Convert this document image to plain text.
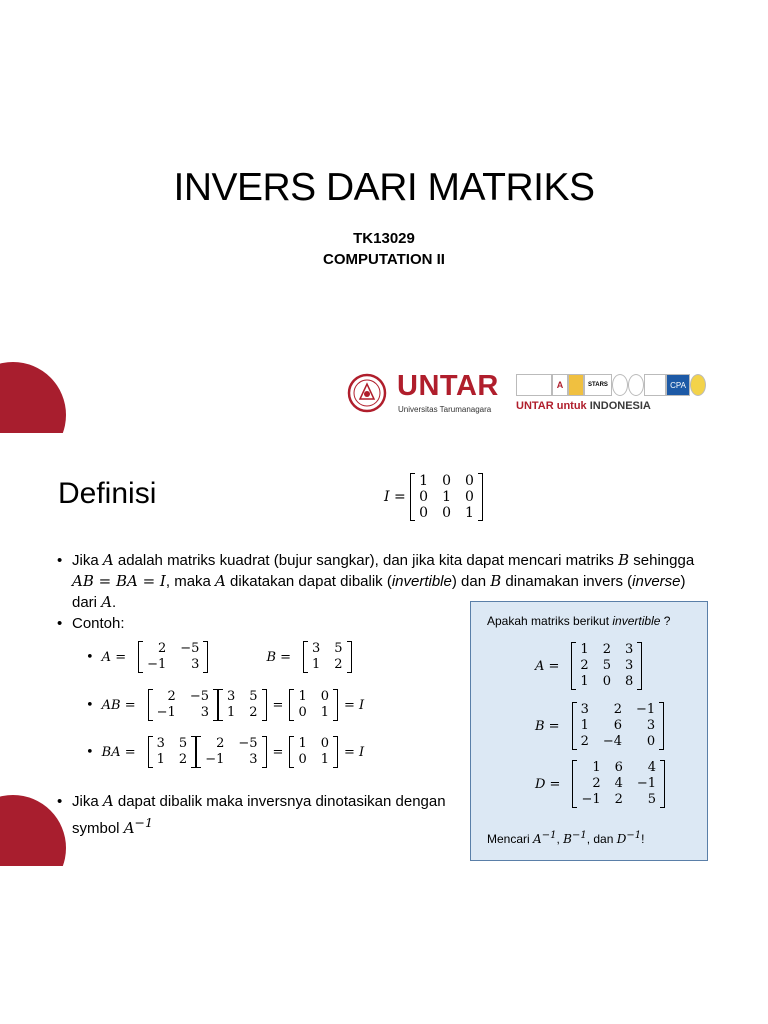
INVERS DARI MATRIKS
TK13029
COMPUTATION II
UNTAR
Universitas Tarumanagara
A	STARS	CPA
UNTAR untuk INDONESIA
Definisi	I =
1 0 0
0 1 0
0 0 1
• Jika A adalah matriks kuadrat (bujur sangkar), dan jika kita dapat mencari matriks B sehingga AB = BA = I, maka A dikatakan dapat dibalik (invertible) dan B dinamakan invers (inverse) dari A.
• Contoh:
• A =
2 −5
−1	3	B =
3 5
1 2
• AB =
2 −5
−1	3
3 5
1 2	=
1 0
0 1	= I
• BA =
3 5
1 2
2 −5
−1	3	=
1 0
0 1	= I
• Jika A dapat dibalik maka inversnya dinotasikan dengan symbol $A^{-1}$
Apakah matriks berikut invertible ?
A =
1 2 3
2 5 3
1 0 8
B =
3	2 −1
1	6	3
2 −4	0
D =
1 6	4
2 4 −1
−1 2	5
Mencari $A^{-1}$, $B^{-1}$, dan $D^{-1}$!
